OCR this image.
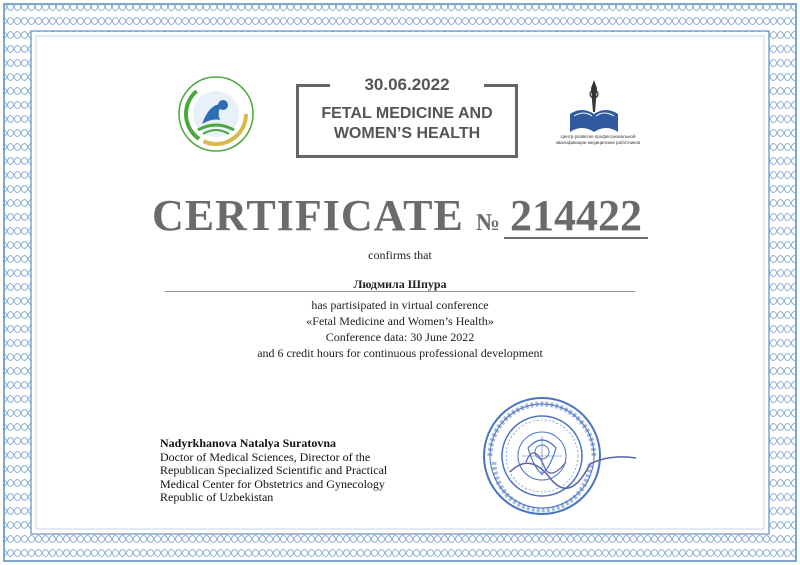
30.06.2022
FETAL MEDICINE AND
WOMEN’S HEALTH	Центр развития профессиональной
квалификации медицинских работников
CERTIFICATE № 214422
confirms that
Людмила Шпура
has partisipated in virtual conference
«Fetal Medicine and Women’s Health»
Conference data: 30 June 2022
and 6 credit hours for continuous professional development
Nadyrkhanova Natalya Suratovna
Doctor of Medical Sciences, Director of the
Republican Specialized Scientific and Practical
Medical Center for Obstetrics and Gynecology
Republic of Uzbekistan
